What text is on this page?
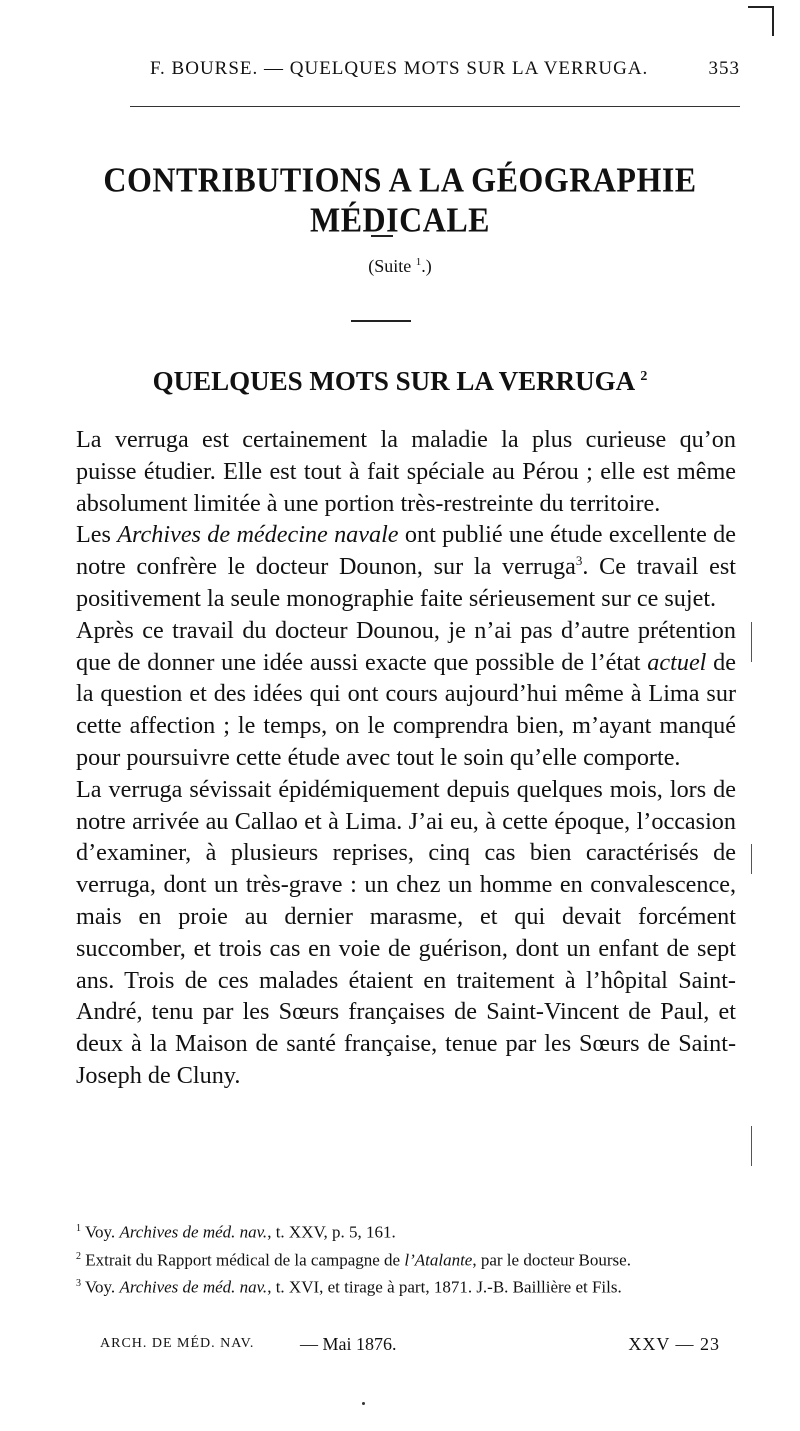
F. BOURSE. — QUELQUES MOTS SUR LA VERRUGA.	353
CONTRIBUTIONS A LA GÉOGRAPHIE MÉDICALE
(Suite $^1$.)
QUELQUES MOTS SUR LA VERRUGA $^2$

La verruga est certainement la maladie la plus curieuse qu’on puisse étudier. Elle est tout à fait spéciale au Pérou ; elle est même absolument limitée à une portion très-restreinte du territoire.

Les Archives de médecine navale ont publié une étude excellente de notre confrère le docteur Dounon, sur la verruga$^3$. Ce travail est positivement la seule monographie faite sérieusement sur ce sujet.

Après ce travail du docteur Dounou, je n’ai pas d’autre prétention que de donner une idée aussi exacte que possible de l’état actuel de la question et des idées qui ont cours aujourd’hui même à Lima sur cette affection ; le temps, on le comprendra bien, m’ayant manqué pour poursuivre cette étude avec tout le soin qu’elle comporte.

La verruga sévissait épidémiquement depuis quelques mois, lors de notre arrivée au Callao et à Lima. J’ai eu, à cette époque, l’occasion d’examiner, à plusieurs reprises, cinq cas bien caractérisés de verruga, dont un très-grave : un chez un homme en convalescence, mais en proie au dernier marasme, et qui devait forcément succomber, et trois cas en voie de guérison, dont un enfant de sept ans. Trois de ces malades étaient en traitement à l’hôpital Saint-André, tenu par les Sœurs françaises de Saint-Vincent de Paul, et deux à la Maison de santé française, tenue par les Sœurs de Saint-Joseph de Cluny.

$^1$ Voy. Archives de méd. nav., t. XXV, p. 5, 161.

$^2$ Extrait du Rapport médical de la campagne de l’Atalante, par le docteur Bourse.

$^3$ Voy. Archives de méd. nav., t. XVI, et tirage à part, 1871. J.-B. Baillière et Fils.

ARCH. DE MÉD. NAV.	— Mai 1876.	XXV — 23
